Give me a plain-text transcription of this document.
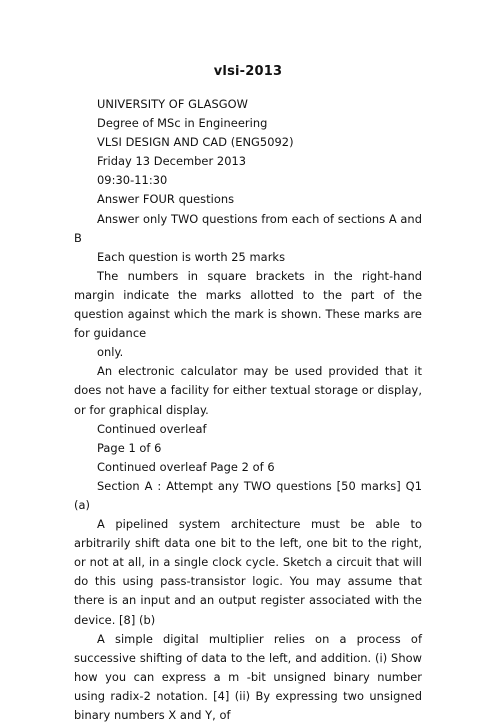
vlsi-2013

UNIVERSITY OF GLASGOW

Degree of MSc in Engineering

VLSI DESIGN AND CAD (ENG5092)

Friday 13 December 2013

09:30-11:30

Answer FOUR questions

Answer only TWO questions from each of sections A and B

Each question is worth 25 marks

The numbers in square brackets in the right-hand margin indicate the marks allotted to the part of the question against which the mark is shown. These marks are for guidance

only.

An electronic calculator may be used provided that it does not have a facility for either textual storage or display, or for graphical display.

Continued overleaf

Page 1 of 6

Continued overleaf Page 2 of 6

Section A : Attempt any TWO questions [50 marks] Q1 (a)

A pipelined system architecture must be able to arbitrarily shift data one bit to the left, one bit to the right, or not at all, in a single clock cycle. Sketch a circuit that will do this using pass-transistor logic. You may assume that there is an input and an output register associated with the device. [8] (b)

A simple digital multiplier relies on a process of successive shifting of data to the left, and addition. (i) Show how you can express a m -bit unsigned binary number using radix-2 notation. [4] (ii) By expressing two unsigned binary numbers X and Y, of
